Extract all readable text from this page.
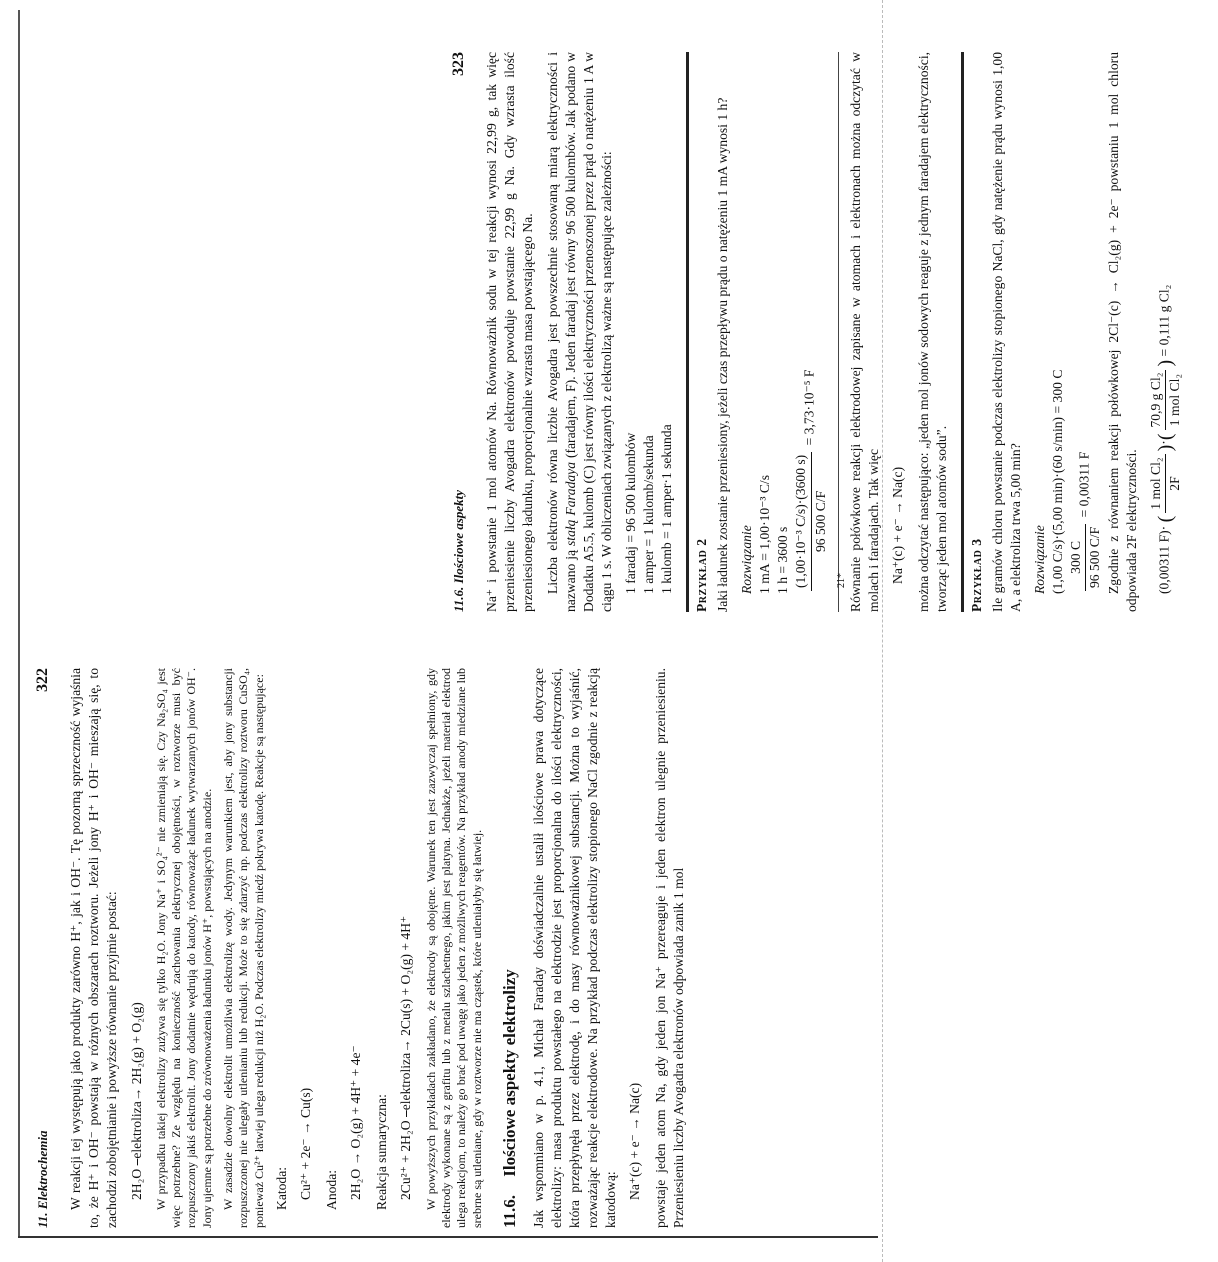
11. Elektrochemia
322 W reakcji tej występują jako produkty zarówno H⁺, jak i OH⁻. Tę pozorną sprzeczność wyjaśnia to, że H⁺ i OH⁻ powstają w różnych obszarach roztworu. Jeżeli jony H⁺ i OH⁻ mieszają się, to zachodzi zobojętnianie i powyższe równanie przyjmie postać: 2H₂O ⎯elektroliza→ 2H₂(g) + O₂(g) W przypadku takiej elektrolizy zużywa się tylko H₂O. Jony Na⁺ i SO₄²⁻ nie zmieniają się. Czy Na₂SO₄ jest więc potrzebne? Ze względu na konieczność zachowania elektrycznej obojętności, w roztworze musi być rozpuszczony jakiś elektrolit. Jony dodatnie wędrują do katody, równoważąc ładunek wytwarzanych jonów OH⁻. Jony ujemne są potrzebne do zrównoważenia ładunku jonów H⁺, powstających na anodzie. W zasadzie dowolny elektrolit umożliwia elektrolizę wody. Jedynym warunkiem jest, aby jony substancji rozpuszczonej nie ulegały utlenianiu lub redukcji. Może to się zdarzyć np. podczas elektrolizy roztworu CuSO₄, ponieważ Cu²⁺ łatwiej ulega redukcji niż H₂O. Podczas elektrolizy miedź pokrywa katodę. Reakcje są następujące: Katoda: Cu²⁺ + 2e⁻ → Cu(s) Anoda: 2H₂O → O₂(g) + 4H⁺ + 4e⁻ Reakcja sumaryczna: 2Cu²⁺ + 2H₂O ⎯elektroliza→ 2Cu(s) + O₂(g) + 4H⁺ W powyższych przykładach zakładano, że elektrody są obojętne. Warunek ten jest zazwyczaj spełniony, gdy elektrody wykonane są z grafitu lub z metalu szlachetnego, jakim jest platyna. Jednakże, jeżeli materiał elektrod ulega reakcjom, to należy go brać pod uwagę jako jeden z możliwych reagentów. Na przykład anody miedziane lub srebrne są utleniane, gdy w roztworze nie ma cząstek, które utleniałyby się łatwiej. 11.6. Ilościowe aspekty elektrolizy Jak wspomniano w p. 4.1, Michał Faraday doświadczalnie ustalił ilościowe prawa dotyczące elektrolizy: masa produktu powstałego na elektrodzie jest proporcjonalna do ilości elektryczności, która przepłynęła przez elektrodę, i do masy równoważnikowej substancji. Można to wyjaśnić, rozważając reakcje elektrodowe. Na przykład podczas elektrolizy stopionego NaCl zgodnie z reakcją katodową: Na⁺(c) + e⁻ → Na(c) powstaje jeden atom Na, gdy jeden jon Na⁺ przereaguje i jeden elektron ulegnie przeniesieniu. Przeniesieniu liczby Avogadra elektronów odpowiada zanik 1 mol

11.6. Ilościowe aspekty
323 Na⁺ i powstanie 1 mol atomów Na. Równoważnik sodu w tej reakcji wynosi 22,99 g, tak więc przeniesienie liczby Avogadra elektronów powoduje powstanie 22,99 g Na. Gdy wzrasta ilość przeniesionego ładunku, proporcjonalnie wzrasta masa powstającego Na. Liczba elektronów równa liczbie Avogadra jest powszechnie stosowaną miarą elektryczności i nazwano ją stałą Faradaya (faradajem, F). Jeden faradaj jest równy 96 500 kulombów. Jak podano w Dodatku A5.5, kulomb (C) jest równy ilości elektryczności przenoszonej przez prąd o natężeniu 1 A w ciągu 1 s. W obliczeniach związanych z elektrolizą ważne są następujące zależności: 1 faradaj = 96 500 kulombów 1 amper = 1 kulomb/sekunda 1 kulomb = 1 amper·1 sekunda Przykład 2 Jaki ładunek zostanie przeniesiony, jeżeli czas przepływu prądu o natężeniu 1 mA wynosi 1 h? Rozwiązanie 1 mA = 1,00·10⁻³ C/s 1 h = 3600 s (1,00·10⁻³ C/s)·(3600 s) 96 500 C/F
= 3,73·10⁻⁵ F	Równanie połówkowe reakcji elektrodowej zapisane w atomach i elektronach można odczytać w molach i faradajach. Tak więc Na⁺(c) + e⁻ → Na(c) można odczytać następująco: „jeden mol jonów sodowych reaguje z jednym faradajem elektryczności, tworząc jeden mol atomów sodu”. Przykład 3 Ile gramów chloru powstanie podczas elektrolizy stopionego NaCl, gdy natężenie prądu wynosi 1,00 A, a elektroliza trwa 5,00 min? Rozwiązanie (1,00 C/s)·(5,00 min)·(60 s/min) = 300 C 300 C 96 500 C/F
= 0,00311 F Zgodnie z równaniem reakcji połówkowej 2Cl⁻(c) → Cl₂(g) + 2e⁻ powstaniu 1 mol chloru odpowiada 2F elektryczności.	(0,00311 F)· (
1 mol Cl₂ 2F
)·(
70,9 g Cl₂ 1 mol Cl₂
) = 0,111 g Cl₂
21*
